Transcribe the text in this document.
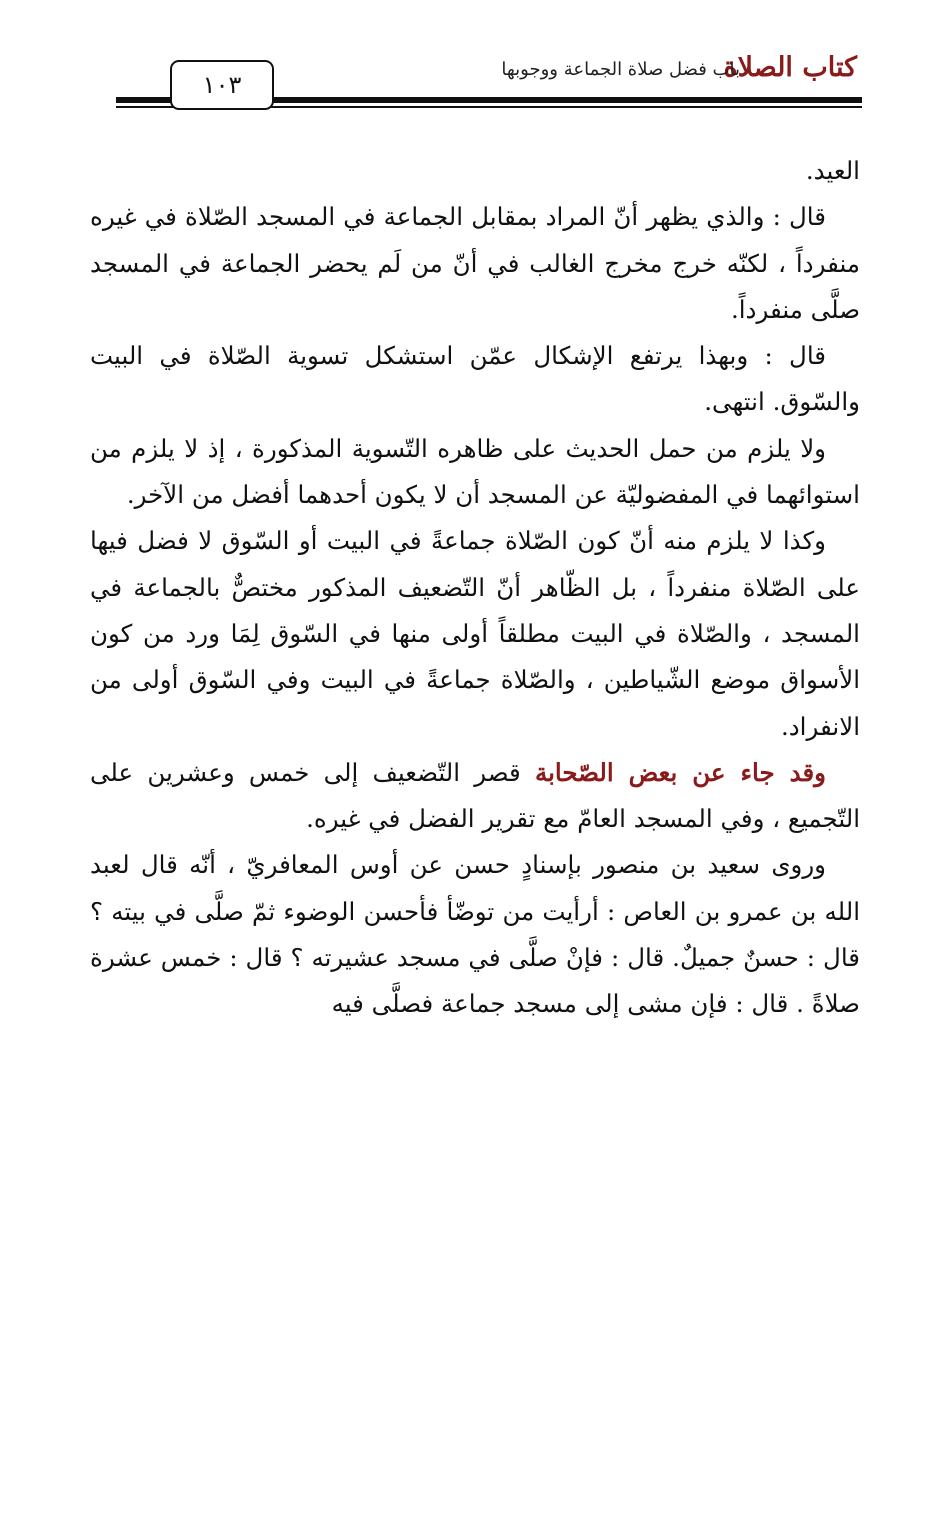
كتاب الصلاة
باب فضل صلاة الجماعة ووجوبها
١٠٣

العيد.

قال : والذي يظهر أنّ المراد بمقابل الجماعة في المسجد الصّلاة في غيره منفرداً ، لكنّه خرج مخرج الغالب في أنّ من لَم يحضر الجماعة في المسجد صلَّى منفرداً.

قال : وبهذا يرتفع الإشكال عمّن استشكل تسوية الصّلاة في البيت والسّوق. انتهى.

ولا يلزم من حمل الحديث على ظاهره التّسوية المذكورة ، إذ لا يلزم من استوائهما في المفضوليّة عن المسجد أن لا يكون أحدهما أفضل من الآخر.

وكذا لا يلزم منه أنّ كون الصّلاة جماعةً في البيت أو السّوق لا فضل فيها على الصّلاة منفرداً ، بل الظّاهر أنّ التّضعيف المذكور مختصٌّ بالجماعة في المسجد ، والصّلاة في البيت مطلقاً أولى منها في السّوق لِمَا ورد من كون الأسواق موضع الشّياطين ، والصّلاة جماعةً في البيت وفي السّوق أولى من الانفراد.

وقد جاء عن بعض الصّحابة قصر التّضعيف إلى خمس وعشرين على التّجميع ، وفي المسجد العامّ مع تقرير الفضل في غيره.

وروى سعيد بن منصور بإسنادٍ حسن عن أوس المعافريّ ، أنّه قال لعبد الله بن عمرو بن العاص : أرأيت من توضّأ فأحسن الوضوء ثمّ صلَّى في بيته ؟ قال : حسنٌ جميلٌ. قال : فإنْ صلَّى في مسجد عشيرته ؟ قال : خمس عشرة صلاةً . قال : فإن مشى إلى مسجد جماعة فصلَّى فيه
